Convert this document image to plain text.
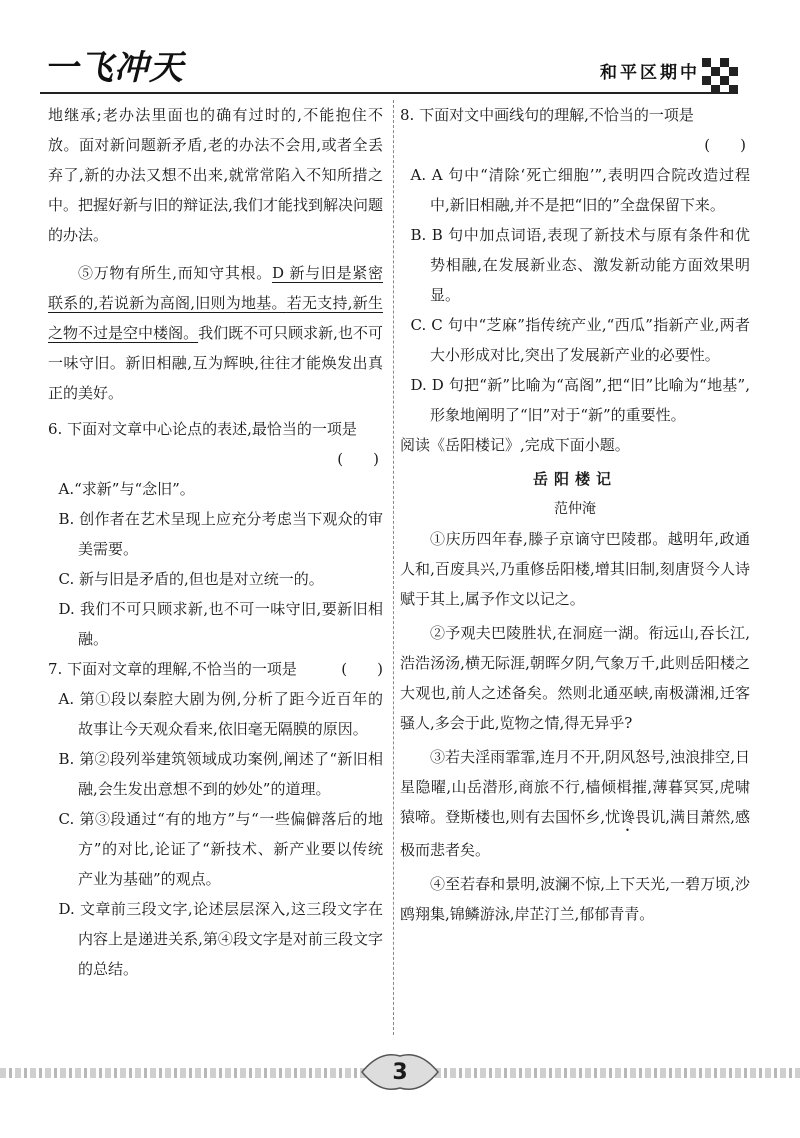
一飞冲天	和平区期中

地继承;老办法里面也的确有过时的,不能抱住不放。面对新问题新矛盾,老的办法不会用,或者全丢弃了,新的办法又想不出来,就常常陷入不知所措之中。把握好新与旧的辩证法,我们才能找到解决问题的办法。

⑤万物有所生,而知守其根。D 新与旧是紧密联系的,若说新为高阁,旧则为地基。若无支持,新生之物不过是空中楼阁。我们既不可只顾求新,也不可一味守旧。新旧相融,互为辉映,往往才能焕发出真正的美好。

6. 下面对文章中心论点的表述,最恰当的一项是

(　　)

A.“求新”与“念旧”。

B. 创作者在艺术呈现上应充分考虑当下观众的审美需要。

C. 新与旧是矛盾的,但也是对立统一的。

D. 我们不可只顾求新,也不可一味守旧,要新旧相融。

7. 下面对文章的理解,不恰当的一项是	(　　)

A. 第①段以秦腔大剧为例,分析了距今近百年的故事让今天观众看来,依旧毫无隔膜的原因。

B. 第②段列举建筑领域成功案例,阐述了“新旧相融,会生发出意想不到的妙处”的道理。

C. 第③段通过“有的地方”与“一些偏僻落后的地方”的对比,论证了“新技术、新产业要以传统产业为基础”的观点。

D. 文章前三段文字,论述层层深入,这三段文字在内容上是递进关系,第④段文字是对前三段文字的总结。

8. 下面对文中画线句的理解,不恰当的一项是

(　　)

A. A 句中“清除‘死亡细胞’”,表明四合院改造过程中,新旧相融,并不是把“旧的”全盘保留下来。

B. B 句中加点词语,表现了新技术与原有条件和优势相融,在发展新业态、激发新动能方面效果明显。

C. C 句中“芝麻”指传统产业,“西瓜”指新产业,两者大小形成对比,突出了发展新产业的必要性。

D. D 句把“新”比喻为“高阁”,把“旧”比喻为“地基”,形象地阐明了“旧”对于“新”的重要性。

阅读《岳阳楼记》,完成下面小题。

岳阳楼记

范仲淹

①庆历四年春,滕子京谪守巴陵郡。越明年,政通人和,百废具兴,乃重修岳阳楼,增其旧制,刻唐贤今人诗赋于其上,属予作文以记之。

②予观夫巴陵胜状,在洞庭一湖。衔远山,吞长江,浩浩汤汤,横无际涯,朝晖夕阴,气象万千,此则岳阳楼之大观也,前人之述备矣。然则北通巫峡,南极潇湘,迁客骚人,多会于此,览物之情,得无异乎?

③若夫淫雨霏霏,连月不开,阴风怒号,浊浪排空,日星隐曜,山岳潜形,商旅不行,樯倾楫摧,薄暮冥冥,虎啸猿啼。登斯楼也,则有去国怀乡,忧谗畏讥,满目萧然,感极而悲者矣。

④至若春和景明,波澜不惊,上下天光,一碧万顷,沙鸥翔集,锦鳞游泳,岸芷汀兰,郁郁青青。

3
